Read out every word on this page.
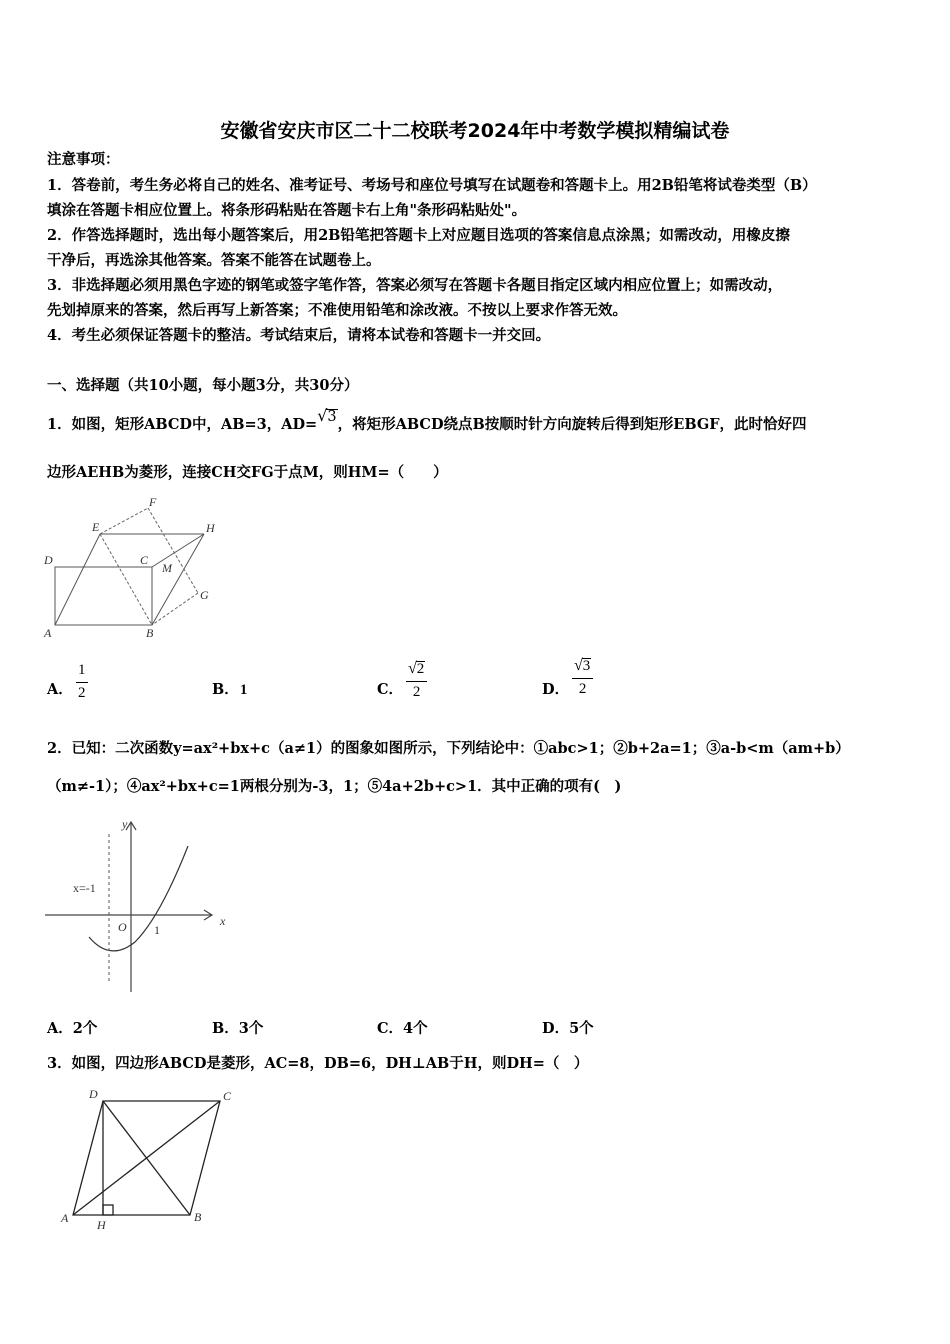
安徽省安庆市区二十二校联考2024年中考数学模拟精编试卷
注意事项：
1．答卷前，考生务必将自己的姓名、准考证号、考场号和座位号填写在试题卷和答题卡上。用2B铅笔将试卷类型（B）
填涂在答题卡相应位置上。将条形码粘贴在答题卡右上角"条形码粘贴处"。
2．作答选择题时，选出每小题答案后，用2B铅笔把答题卡上对应题目选项的答案信息点涂黑；如需改动，用橡皮擦
干净后，再选涂其他答案。答案不能答在试题卷上。
3．非选择题必须用黑色字迹的钢笔或签字笔作答，答案必须写在答题卡各题目指定区域内相应位置上；如需改动，
先划掉原来的答案，然后再写上新答案；不准使用铅笔和涂改液。不按以上要求作答无效。
4．考生必须保证答题卡的整洁。考试结束后，请将本试卷和答题卡一并交回。
一、选择题（共10小题，每小题3分，共30分）
1．如图，矩形ABCD中，AB=3，AD=√3，将矩形ABCD绕点B按顺时针方向旋转后得到矩形EBGF，此时恰好四
边形AEHB为菱形，连接CH交FG于点M，则HM=（　　）
F
E	H
D	C
M
G
A	B
A．
1
2	B． 1	C．
√2
2	D．
√3
2
2．已知：二次函数y=ax²+bx+c（a≠1）的图象如图所示，下列结论中：①abc>1；②b+2a=1；③a-b<m（am+b）
（m≠-1）；④ax²+bx+c=1两根分别为-3，1；⑤4a+2b+c>1．其中正确的项有(　)
y
x
x=-1
O 1
A．2个	B．3个	C．4个	D．5个
3．如图，四边形ABCD是菱形，AC=8，DB=6，DH⊥AB于H，则DH=（　）
D	C
A H
B
